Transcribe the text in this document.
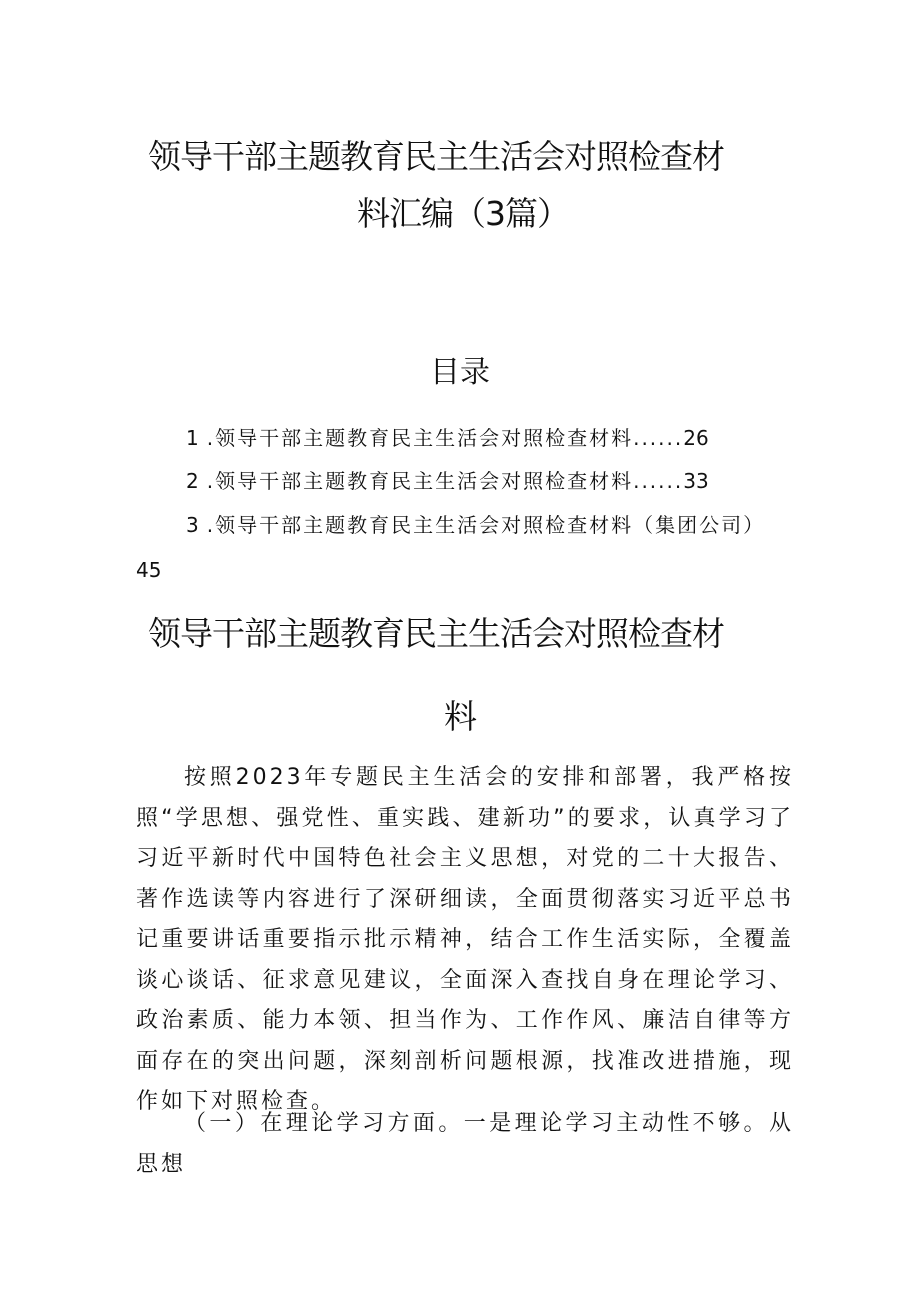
领导干部主题教育民主生活会对照检查材
料汇编（3篇）
目录
1 .领导干部主题教育民主生活会对照检查材料......26
2 .领导干部主题教育民主生活会对照检查材料......33
3 .领导干部主题教育民主生活会对照检查材料（集团公司）
45
领导干部主题教育民主生活会对照检查材
料
按照2023年专题民主生活会的安排和部署，我严格按照“学思想、强党性、重实践、建新功”的要求，认真学习了习近平新时代中国特色社会主义思想，对党的二十大报告、著作选读等内容进行了深研细读，全面贯彻落实习近平总书记重要讲话重要指示批示精神，结合工作生活实际，全覆盖谈心谈话、征求意见建议，全面深入查找自身在理论学习、政治素质、能力本领、担当作为、工作作风、廉洁自律等方面存在的突出问题，深刻剖析问题根源，找准改进措施，现作如下对照检查。
（一）在理论学习方面。一是理论学习主动性不够。从思想
